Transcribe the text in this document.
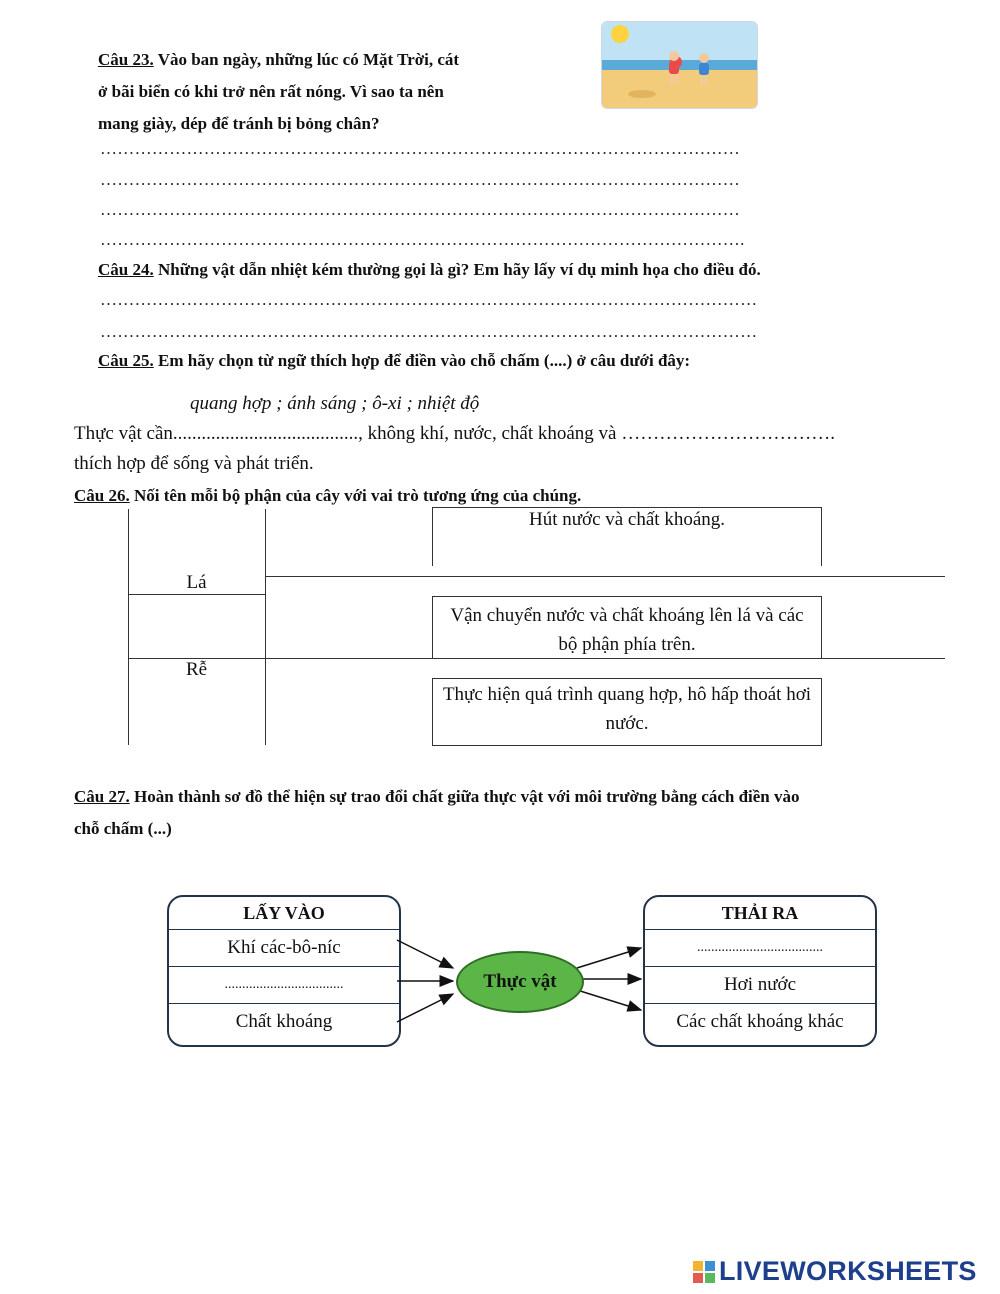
Câu 23. Vào ban ngày, những lúc có Mặt Trời, cát
ở bãi biển có khi trở nên rất nóng. Vì sao ta nên
mang giày, dép để tránh bị bỏng chân?
…………………………………………………………………………………………………
…………………………………………………………………………………………………
…………………………………………………………………………………………………
………………………………………………………………………………………………….
Câu 24. Những vật dẫn nhiệt kém thường gọi là gì? Em hãy lấy ví dụ minh họa cho điều đó.
……………………………………………………………………………………………………
……………………………………………………………………………………………………
Câu 25. Em hãy chọn từ ngữ thích hợp để điền vào chỗ chấm (....) ở câu dưới đây:
quang hợp ; ánh sáng ; ô-xi ; nhiệt độ
Thực vật cần......................................., không khí, nước, chất khoáng và …………………………….
thích hợp để sống và phát triển.
Câu 26. Nối tên mỗi bộ phận của cây với vai trò tương ứng của chúng.
Lá
Rễ
Hút nước và chất khoáng.
Vận chuyển nước và chất khoáng lên lá và các bộ phận phía trên.
Thực hiện quá trình quang hợp, hô hấp thoát hơi nước.
Câu 27. Hoàn thành sơ đồ thể hiện sự trao đổi chất giữa thực vật với môi trường bằng cách điền vào
chỗ chấm (...)
LẤY VÀO
Khí các-bô-níc
..................................
Chất khoáng
THẢI RA
....................................
Hơi nước
Các chất khoáng khác
Thực vật
LIVEWORKSHEETS
